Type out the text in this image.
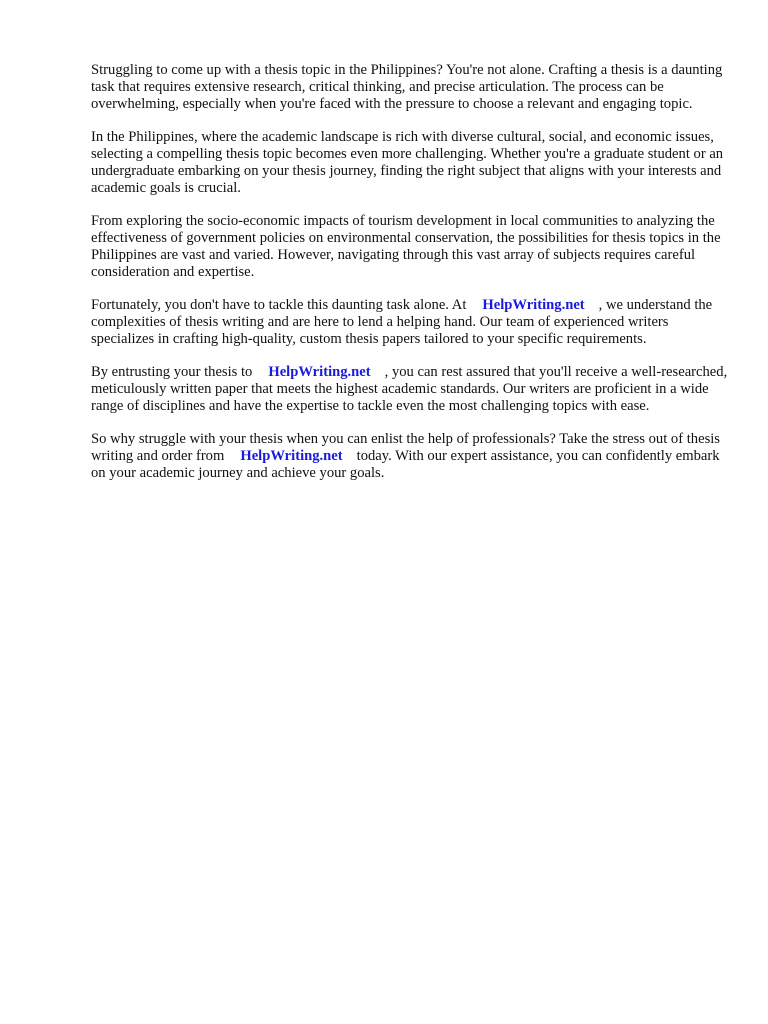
Struggling to come up with a thesis topic in the Philippines? You're not alone. Crafting a thesis is a daunting task that requires extensive research, critical thinking, and precise articulation. The process can be overwhelming, especially when you're faced with the pressure to choose a relevant and engaging topic.

In the Philippines, where the academic landscape is rich with diverse cultural, social, and economic issues, selecting a compelling thesis topic becomes even more challenging. Whether you're a graduate student or an undergraduate embarking on your thesis journey, finding the right subject that aligns with your interests and academic goals is crucial.

From exploring the socio-economic impacts of tourism development in local communities to analyzing the effectiveness of government policies on environmental conservation, the possibilities for thesis topics in the Philippines are vast and varied. However, navigating through this vast array of subjects requires careful consideration and expertise.

Fortunately, you don't have to tackle this daunting task alone. At HelpWriting.net , we understand the complexities of thesis writing and are here to lend a helping hand. Our team of experienced writers specializes in crafting high-quality, custom thesis papers tailored to your specific requirements.

By entrusting your thesis to HelpWriting.net , you can rest assured that you'll receive a well-researched, meticulously written paper that meets the highest academic standards. Our writers are proficient in a wide range of disciplines and have the expertise to tackle even the most challenging topics with ease.

So why struggle with your thesis when you can enlist the help of professionals? Take the stress out of thesis writing and order from HelpWriting.net today. With our expert assistance, you can confidently embark on your academic journey and achieve your goals.
